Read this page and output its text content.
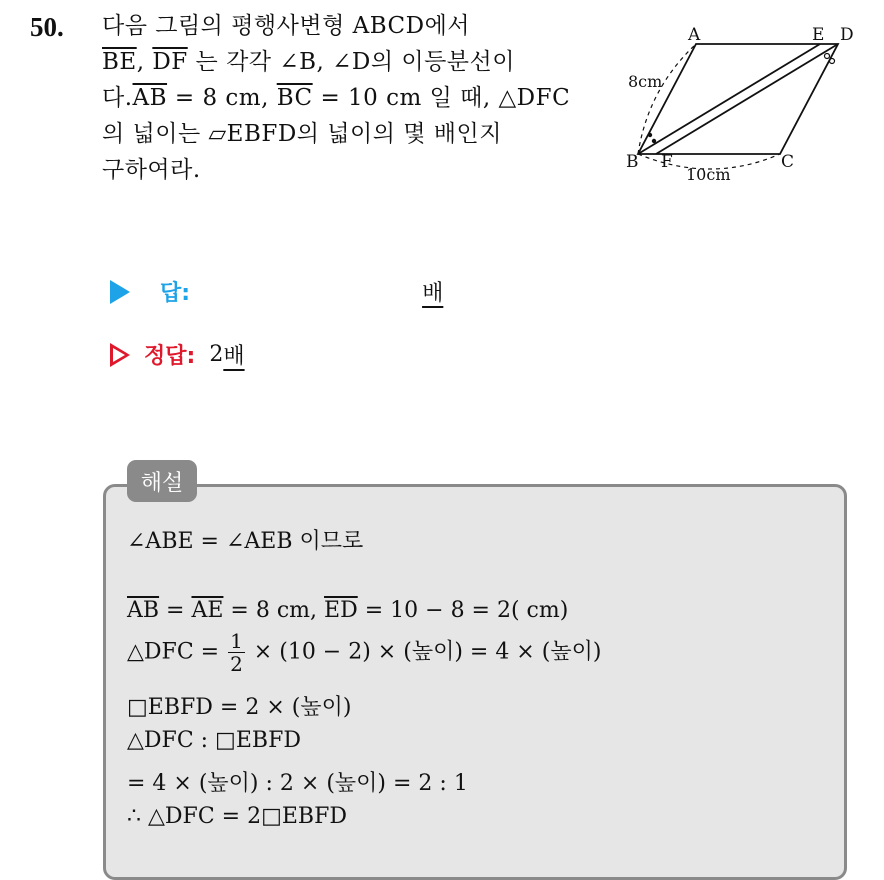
50. 다음 그림의 평행사변형 ABCD에서
$\overline{BE}$, $\overline{DF}$ 는 각각 ∠B, ∠D의 이등분선이
다$.\overline{AB} = 8$ cm, $\overline{BC} = 10$ cm 일 때, △DFC
의 넓이는 ▱EBFD의 넓이의 몇 배인지
구하여라.
A	E D
B F	C
8cm
10cm
답:	배
정답: 2 배
해설
∠ABE = ∠AEB 이므로
$\overline{AB} = \overline{AE} = 8$ cm, $\overline{ED} = 10 - 8 = 2$( cm)
△DFC = $\frac{1}{2} \times (10 - 2)$ × (높이) = 4 × (높이)
□EBFD = 2 × (높이)
△DFC : □EBFD
= 4 × (높이) : 2 × (높이) = 2 : 1
∴ △DFC = 2□EBFD
